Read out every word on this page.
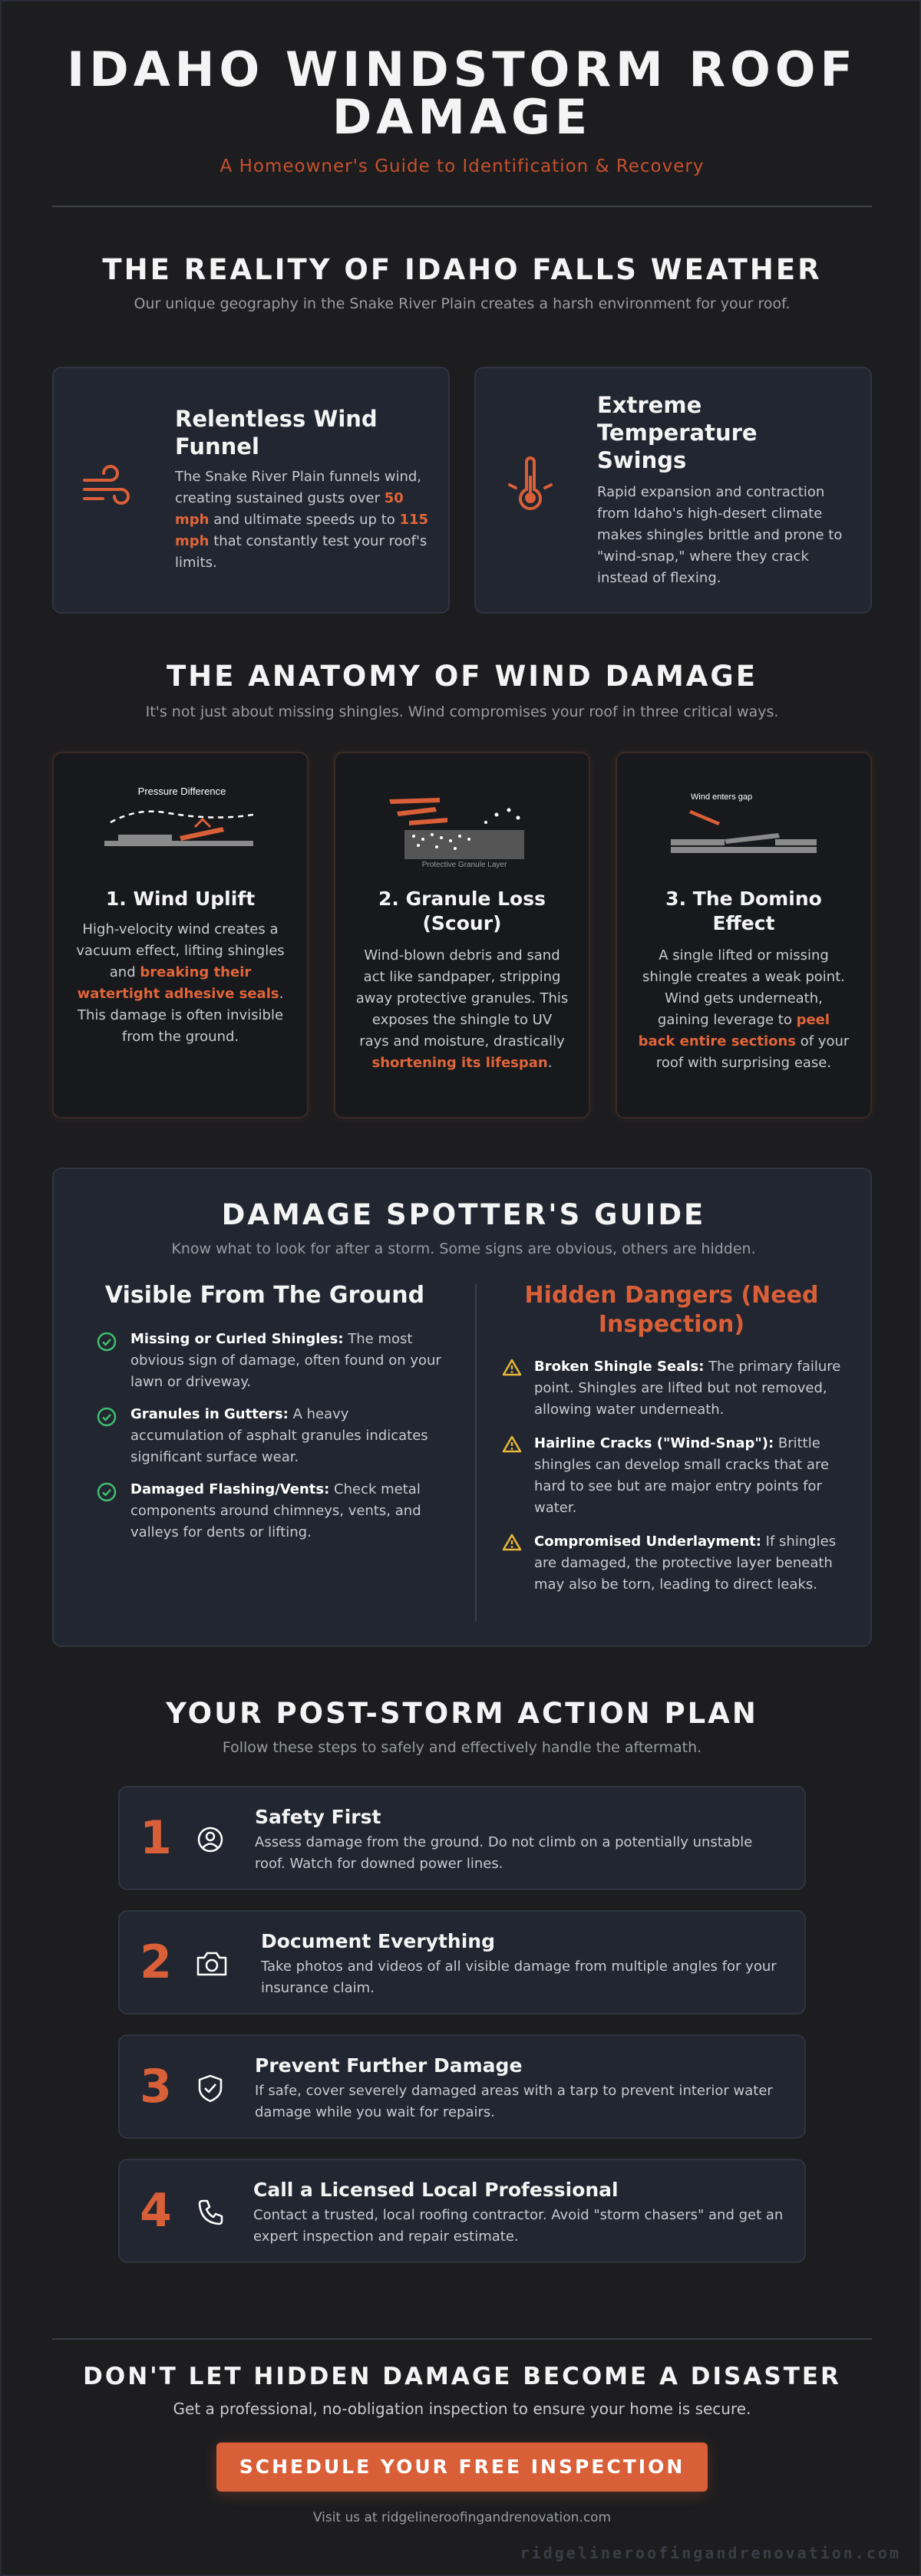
IDAHO WINDSTORM ROOF DAMAGE
A Homeowner's Guide to Identification & Recovery
THE REALITY OF IDAHO FALLS WEATHER

Our unique geography in the Snake River Plain creates a harsh environment for your roof.

Relentless Wind Funnel

The Snake River Plain funnels wind, creating sustained gusts over 50 mph and ultimate speeds up to 115 mph that constantly test your roof's limits.

Extreme Temperature Swings

Rapid expansion and contraction from Idaho's high-desert climate makes shingles brittle and prone to "wind-snap," where they crack instead of flexing.

THE ANATOMY OF WIND DAMAGE

It's not just about missing shingles. Wind compromises your roof in three critical ways.

Pressure Difference
1. Wind Uplift

High-velocity wind creates a vacuum effect, lifting shingles and breaking their watertight adhesive seals. This damage is often invisible from the ground.

Protective Granule Layer
2. Granule Loss (Scour)

Wind-blown debris and sand act like sandpaper, stripping away protective granules. This exposes the shingle to UV rays and moisture, drastically shortening its lifespan.

Wind enters gap
3. The Domino Effect

A single lifted or missing shingle creates a weak point. Wind gets underneath, gaining leverage to peel back entire sections of your roof with surprising ease.

DAMAGE SPOTTER'S GUIDE

Know what to look for after a storm. Some signs are obvious, others are hidden.

Visible From The Ground
Missing or Curled Shingles: The most obvious sign of damage, often found on your lawn or driveway.
Granules in Gutters: A heavy accumulation of asphalt granules indicates significant surface wear.
Damaged Flashing/Vents: Check metal components around chimneys, vents, and valleys for dents or lifting.
Hidden Dangers (Need Inspection)
Broken Shingle Seals: The primary failure point. Shingles are lifted but not removed, allowing water underneath.
Hairline Cracks ("Wind-Snap"): Brittle shingles can develop small cracks that are hard to see but are major entry points for water.
Compromised Underlayment: If shingles are damaged, the protective layer beneath may also be torn, leading to direct leaks.
YOUR POST-STORM ACTION PLAN

Follow these steps to safely and effectively handle the aftermath.

1	Safety First
Assess damage from the ground. Do not climb on a potentially unstable roof. Watch for downed power lines.
2	Document Everything
Take photos and videos of all visible damage from multiple angles for your insurance claim.
3	Prevent Further Damage
If safe, cover severely damaged areas with a tarp to prevent interior water damage while you wait for repairs.
4	Call a Licensed Local Professional
Contact a trusted, local roofing contractor. Avoid "storm chasers" and get an expert inspection and repair estimate.
DON'T LET HIDDEN DAMAGE BECOME A DISASTER

Get a professional, no-obligation inspection to ensure your home is secure.

SCHEDULE YOUR FREE INSPECTION

Visit us at ridgelineroofingandrenovation.com

ridgelineroofingandrenovation.com
